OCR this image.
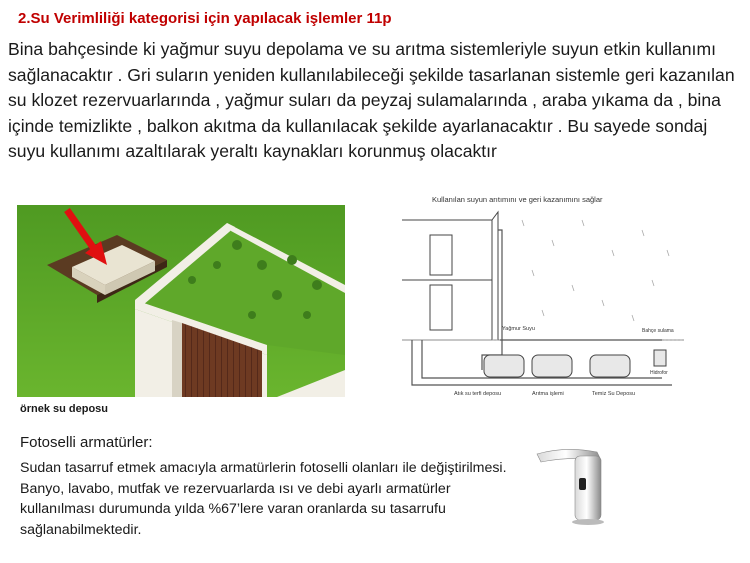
2.Su Verimliliği kategorisi için yapılacak işlemler 11p

Bina bahçesinde ki yağmur suyu depolama ve su arıtma sistemleriyle suyun etkin kullanımı sağlanacaktır . Gri suların yeniden kullanılabileceği şekilde tasarlanan sistemle geri kazanılan su klozet rezervuarlarında , yağmur suları da peyzaj sulamalarında , araba yıkama da , bina içinde temizlikte , balkon akıtma da kullanılacak şekilde ayarlanacaktır . Bu sayede sondaj suyu kullanımı azaltılarak yeraltı kaynakları korunmuş olacaktır

örnek su deposu
Kullanılan suyun arıtımını ve geri kazanımını sağlar
Yağmur Suyu	Bahçe sulama
Hidrofor
Atık su terfi deposu	Arıtma işlemi	Temiz Su Deposu
Fotoselli armatürler:

Sudan tasarruf etmek amacıyla armatürlerin fotoselli olanları ile değiştirilmesi. Banyo, lavabo, mutfak ve rezervuarlarda ısı ve debi ayarlı armatürler kullanılması durumunda yılda %67’lere varan oranlarda su tasarrufu sağlanabilmektedir.
